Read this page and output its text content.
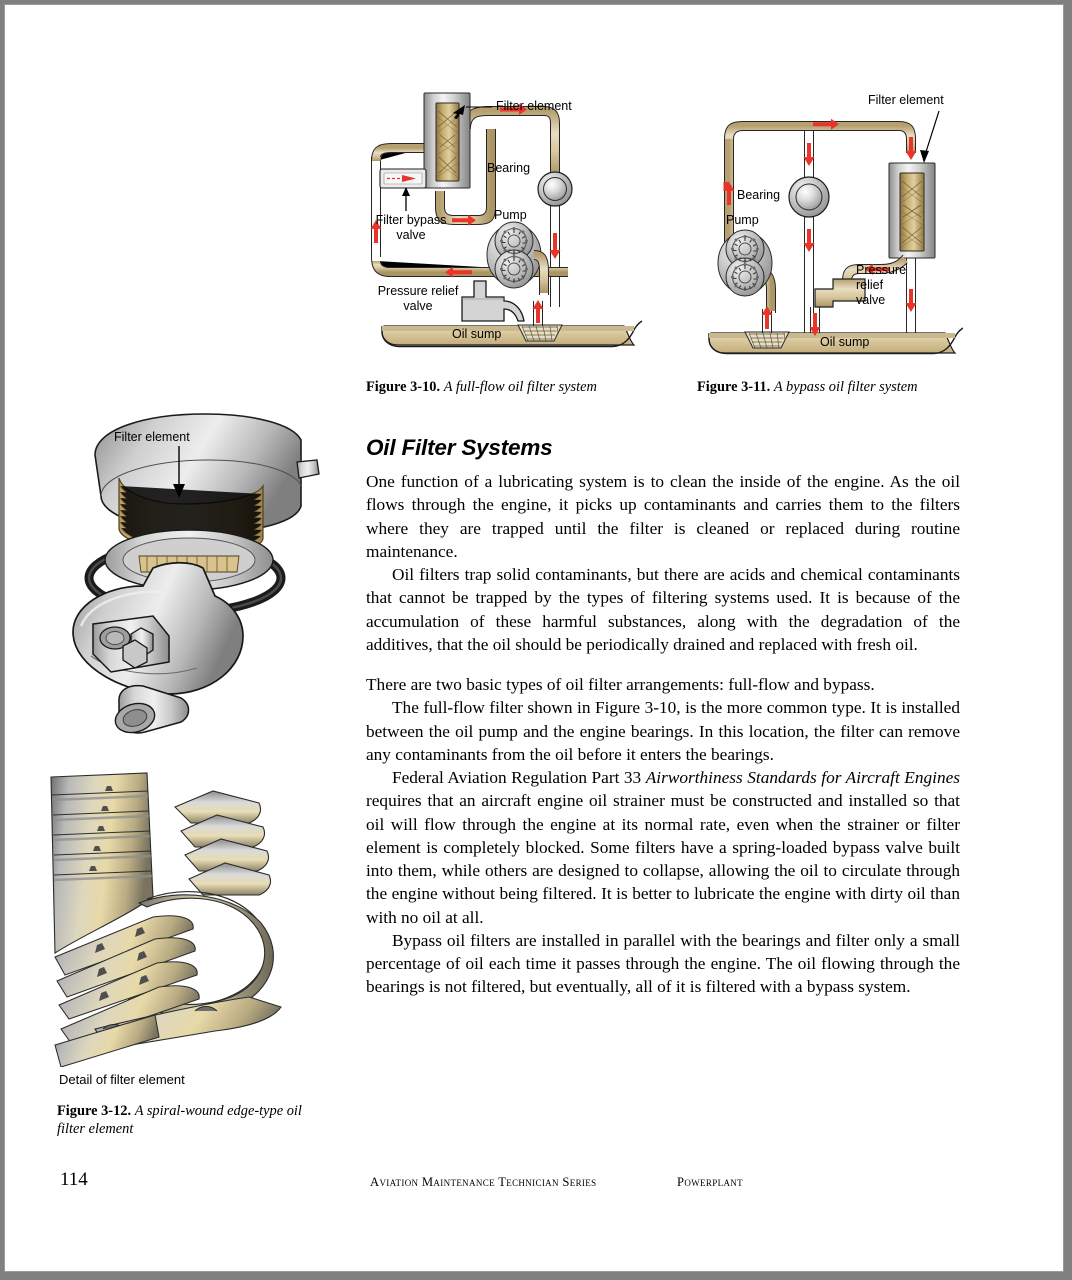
Filter element
Bearing
Pump
Filter bypass
valve
Pressure relief
valve
Oil sump
Filter element
Bearing
Pump
Pressure
relief
valve
Oil sump
Figure 3-10. A full-flow oil filter system	Figure 3-11. A bypass oil filter system
Filter element
Detail of filter element
Figure 3-12. A spiral-wound edge-type oil filter element
Oil Filter Systems

One function of a lubricating system is to clean the inside of the engine. As the oil flows through the engine, it picks up contaminants and carries them to the filters where they are trapped until the filter is cleaned or replaced during routine maintenance.

Oil filters trap solid contaminants, but there are acids and chemical contaminants that cannot be trapped by the types of filtering systems used. It is because of the accumulation of these harmful substances, along with the degradation of the additives, that the oil should be periodically drained and replaced with fresh oil.

There are two basic types of oil filter arrangements: full-flow and bypass.

The full-flow filter shown in Figure 3-10, is the more common type. It is installed between the oil pump and the engine bearings. In this location, the filter can remove any contaminants from the oil before it enters the bearings.

Federal Aviation Regulation Part 33 Airworthiness Standards for Aircraft Engines requires that an aircraft engine oil strainer must be constructed and installed so that oil will flow through the engine at its normal rate, even when the strainer or filter element is completely blocked. Some filters have a spring-loaded bypass valve built into them, while others are designed to collapse, allowing the oil to circulate through the engine without being filtered. It is better to lubricate the engine with dirty oil than with no oil at all.

Bypass oil filters are installed in parallel with the bearings and filter only a small percentage of oil each time it passes through the engine. The oil flowing through the bearings is not filtered, but eventually, all of it is filtered with a bypass system.

114	Aviation Maintenance Technician Series	Powerplant
